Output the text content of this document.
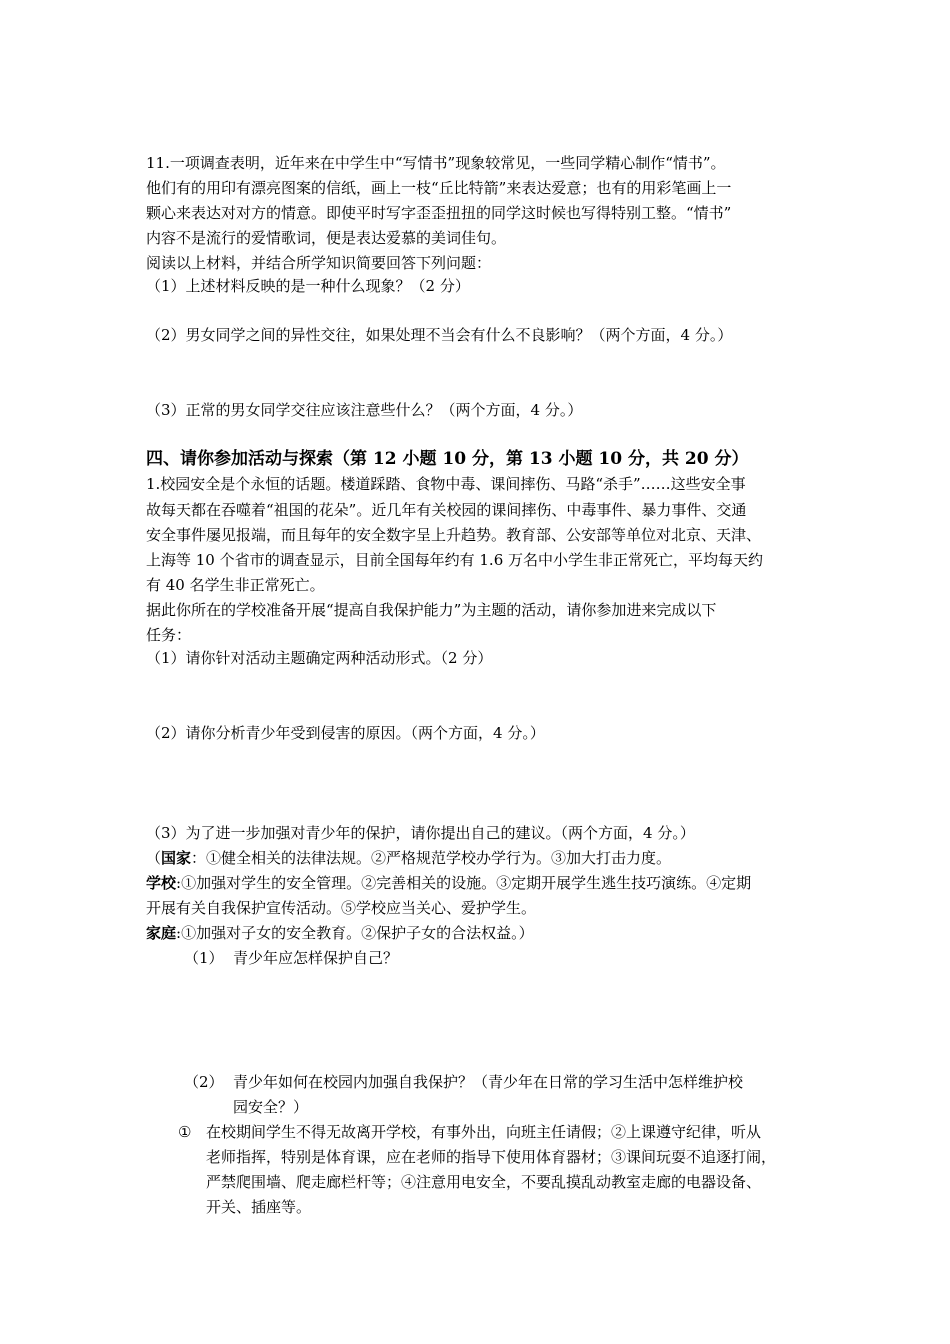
11.一项调查表明，近年来在中学生中“写情书”现象较常见，一些同学精心制作“情书”。
他们有的用印有漂亮图案的信纸，画上一枝“丘比特箭”来表达爱意；也有的用彩笔画上一
颗心来表达对对方的情意。即使平时写字歪歪扭扭的同学这时候也写得特别工整。“情书”
内容不是流行的爱情歌词，便是表达爱慕的美词佳句。
阅读以上材料，并结合所学知识简要回答下列问题：
（1）上述材料反映的是一种什么现象？（2 分）
（2）男女同学之间的异性交往，如果处理不当会有什么不良影响？（两个方面，4 分。）
（3）正常的男女同学交往应该注意些什么？（两个方面，4 分。）
四、请你参加活动与探索（第 12 小题 10 分，第 13 小题 10 分，共 20 分）
1.校园安全是个永恒的话题。楼道踩踏、食物中毒、课间摔伤、马路“杀手”……这些安全事
故每天都在吞噬着“祖国的花朵”。近几年有关校园的课间摔伤、中毒事件、暴力事件、交通
安全事件屡见报端，而且每年的安全数字呈上升趋势。教育部、公安部等单位对北京、天津、
上海等 10 个省市的调查显示，目前全国每年约有 1.6 万名中小学生非正常死亡，平均每天约
有 40 名学生非正常死亡。
据此你所在的学校准备开展“提高自我保护能力”为主题的活动，请你参加进来完成以下
任务：
（1）请你针对活动主题确定两种活动形式。（2 分）
（2）请你分析青少年受到侵害的原因。（两个方面，4 分。）
（3）为了进一步加强对青少年的保护，请你提出自己的建议。（两个方面，4 分。）
（国家：①健全相关的法律法规。②严格规范学校办学行为。③加大打击力度。
学校:①加强对学生的安全管理。②完善相关的设施。③定期开展学生逃生技巧演练。④定期
开展有关自我保护宣传活动。⑤学校应当关心、爱护学生。
家庭:①加强对子女的安全教育。②保护子女的合法权益。）
（1） 青少年应怎样保护自己？
（2） 青少年如何在校园内加强自我保护？（青少年在日常的学习生活中怎样维护校
园安全？）
① 在校期间学生不得无故离开学校，有事外出，向班主任请假；②上课遵守纪律，听从
老师指挥，特别是体育课，应在老师的指导下使用体育器材；③课间玩耍不追逐打闹，
严禁爬围墙、爬走廊栏杆等；④注意用电安全，不要乱摸乱动教室走廊的电器设备、
开关、插座等。
